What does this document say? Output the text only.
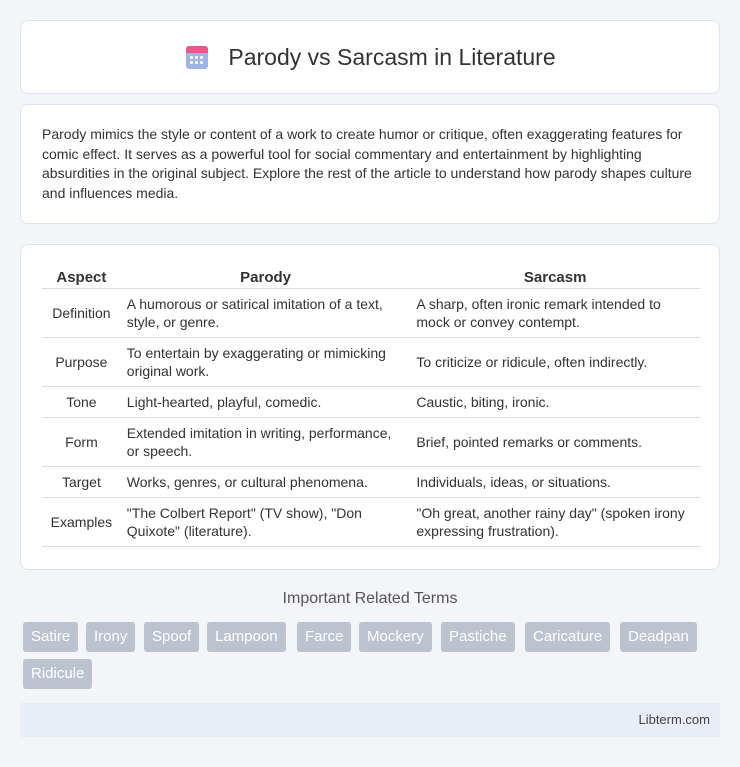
Parody vs Sarcasm in Literature

Parody mimics the style or content of a work to create humor or critique, often exaggerating features for comic effect. It serves as a powerful tool for social commentary and entertainment by highlighting absurdities in the original subject. Explore the rest of the article to understand how parody shapes culture and influences media.

Aspect	Parody	Sarcasm
Definition	A humorous or satirical imitation of a text, style, or genre.	A sharp, often ironic remark intended to mock or convey contempt.
Purpose	To entertain by exaggerating or mimicking original work.	To criticize or ridicule, often indirectly.
Tone	Light-hearted, playful, comedic.	Caustic, biting, ironic.
Form	Extended imitation in writing, performance, or speech.	Brief, pointed remarks or comments.
Target	Works, genres, or cultural phenomena.	Individuals, ideas, or situations.
Examples	"The Colbert Report" (TV show), "Don Quixote" (literature).	"Oh great, another rainy day" (spoken irony expressing frustration).
Important Related Terms
Satire	Irony	Spoof	Lampoon	Farce	Mockery	Pastiche	Caricature	Deadpan
Ridicule
Libterm.com
